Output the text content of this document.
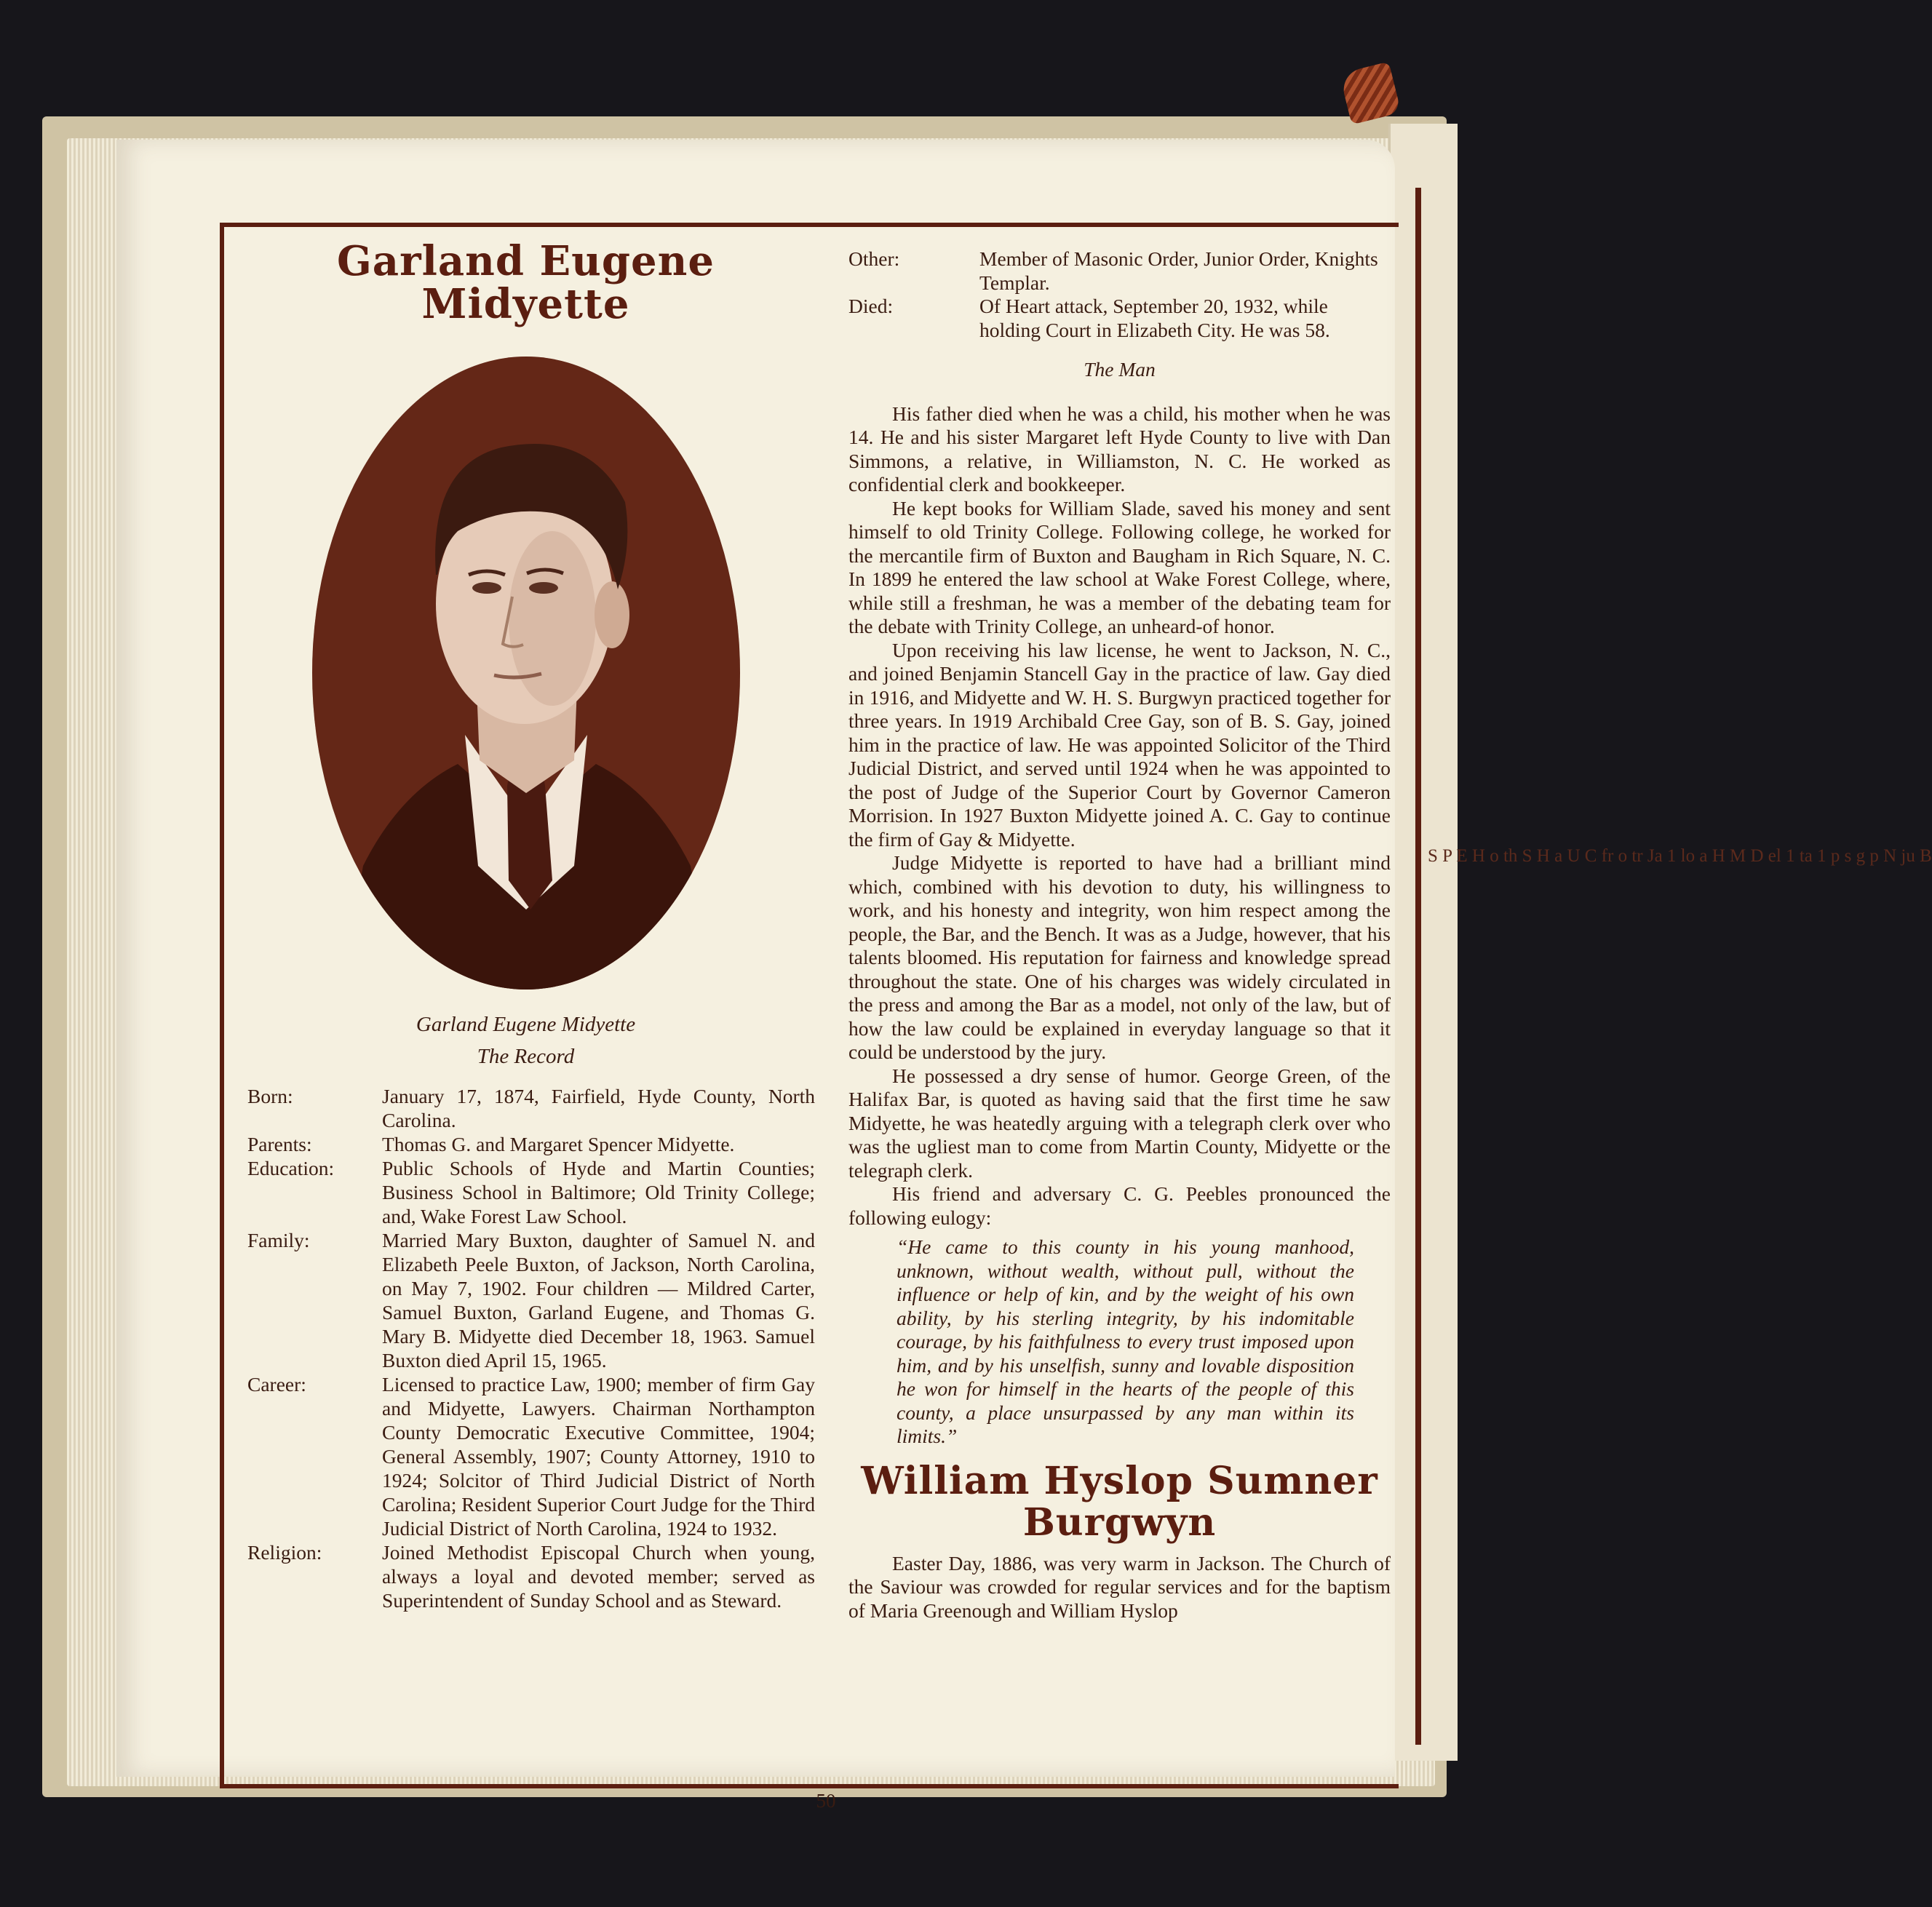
S P E H o th S H a U C fr o tr Ja 1 lo a H M D el 1 ta 1 p s g p N ju B
Garland Eugene Midyette
Garland Eugene Midyette
The Record
Born:	January 17, 1874, Fairfield, Hyde County, North Carolina.
Parents:	Thomas G. and Margaret Spencer Midyette.
Education:	Public Schools of Hyde and Martin Counties; Business School in Baltimore; Old Trinity College; and, Wake Forest Law School.
Family:	Married Mary Buxton, daughter of Samuel N. and Elizabeth Peele Buxton, of Jackson, North Carolina, on May 7, 1902. Four children — Mildred Carter, Samuel Buxton, Garland Eugene, and Thomas G. Mary B. Midyette died December 18, 1963. Samuel Buxton died April 15, 1965.
Career:	Licensed to practice Law, 1900; member of firm Gay and Midyette, Lawyers. Chairman Northampton County Democratic Executive Committee, 1904; General Assembly, 1907; County Attorney, 1910 to 1924; Solcitor of Third Judicial District of North Carolina; Resident Superior Court Judge for the Third Judicial District of North Carolina, 1924 to 1932.
Religion:	Joined Methodist Episcopal Church when young, always a loyal and devoted member; served as Superintendent of Sunday School and as Steward.
Other:	Member of Masonic Order, Junior Order, Knights Templar.
Died:	Of Heart attack, September 20, 1932, while holding Court in Elizabeth City. He was 58.
The Man

His father died when he was a child, his mother when he was 14. He and his sister Margaret left Hyde County to live with Dan Simmons, a relative, in Williamston, N. C. He worked as confidential clerk and bookkeeper.

He kept books for William Slade, saved his money and sent himself to old Trinity College. Following college, he worked for the mercantile firm of Buxton and Baugham in Rich Square, N. C. In 1899 he entered the law school at Wake Forest College, where, while still a freshman, he was a member of the debating team for the debate with Trinity College, an unheard-of honor.

Upon receiving his law license, he went to Jackson, N. C., and joined Benjamin Stancell Gay in the practice of law. Gay died in 1916, and Midyette and W. H. S. Burgwyn practiced together for three years. In 1919 Archibald Cree Gay, son of B. S. Gay, joined him in the practice of law. He was appointed Solicitor of the Third Judicial District, and served until 1924 when he was appointed to the post of Judge of the Superior Court by Governor Cameron Morrision. In 1927 Buxton Midyette joined A. C. Gay to continue the firm of Gay & Midyette.

Judge Midyette is reported to have had a brilliant mind which, combined with his devotion to duty, his willingness to work, and his honesty and integrity, won him respect among the people, the Bar, and the Bench. It was as a Judge, however, that his talents bloomed. His reputation for fairness and knowledge spread throughout the state. One of his charges was widely circulated in the press and among the Bar as a model, not only of the law, but of how the law could be explained in everyday language so that it could be understood by the jury.

He possessed a dry sense of humor. George Green, of the Halifax Bar, is quoted as having said that the first time he saw Midyette, he was heatedly arguing with a telegraph clerk over who was the ugliest man to come from Martin County, Midyette or the telegraph clerk.

His friend and adversary C. G. Peebles pronounced the following eulogy:

“He came to this county in his young manhood, unknown, without wealth, without pull, without the influence or help of kin, and by the weight of his own ability, by his sterling integrity, by his indomitable courage, by his faithfulness to every trust imposed upon him, and by his unselfish, sunny and lovable disposition he won for himself in the hearts of the people of this county, a place unsurpassed by any man within its limits.”
William Hyslop Sumner Burgwyn

Easter Day, 1886, was very warm in Jackson. The Church of the Saviour was crowded for regular services and for the baptism of Maria Greenough and William Hyslop

50
